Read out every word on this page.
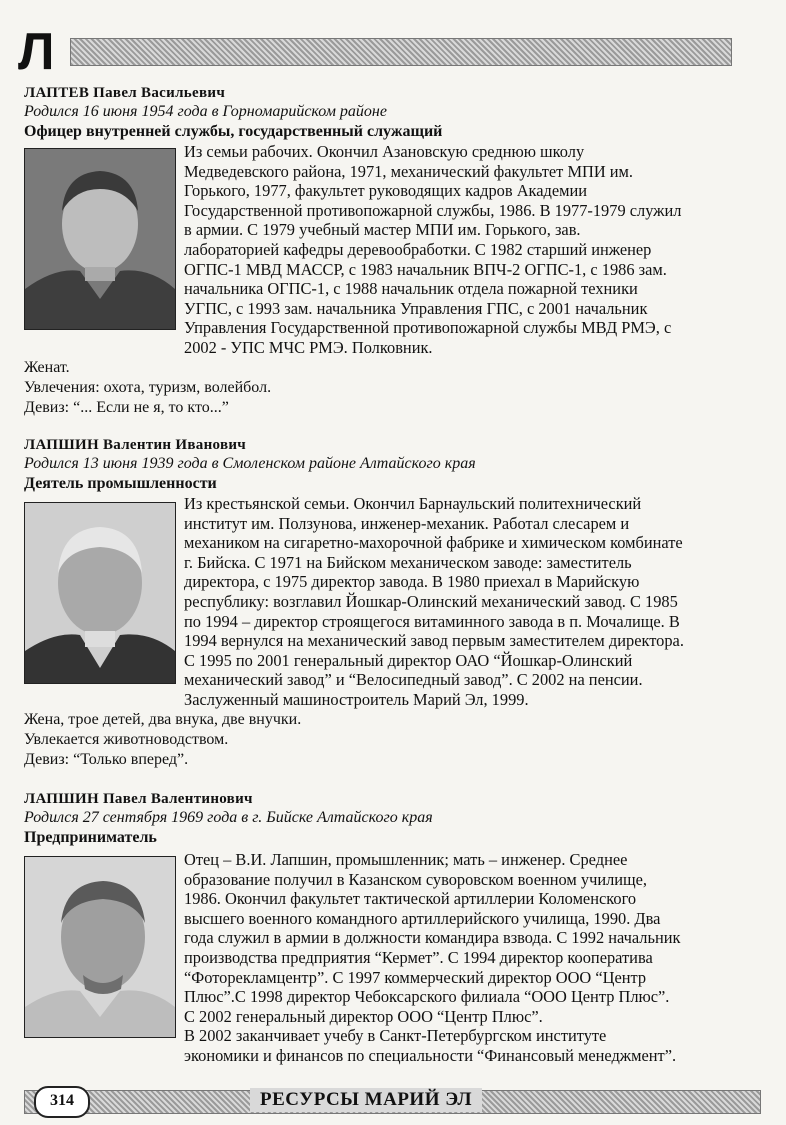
Л
ЛАПТЕВ Павел Васильевич
Родился 16 июня 1954 года в Горномарийском районе
Офицер внутренней службы, государственный служащий

Из семьи рабочих. Окончил Азановскую среднюю школу

Медведевского района, 1971, механический факультет МПИ им.

Горького, 1977, факультет руководящих кадров Академии

Государственной противопожарной службы, 1986. В 1977-1979 служил

в армии. С 1979 учебный мастер МПИ им. Горького, зав.

лабораторией кафедры деревообработки. С 1982 старший инженер

ОГПС-1 МВД МАССР, с 1983 начальник ВПЧ-2 ОГПС-1, с 1986 зам.

начальника ОГПС-1, с 1988 начальник отдела пожарной техники

УГПС, с 1993 зам. начальника Управления ГПС, с 2001 начальник

Управления Государственной противопожарной службы МВД РМЭ, с

2002 - УПС МЧС РМЭ. Полковник.

Женат.

Увлечения: охота, туризм, волейбол.

Девиз: “... Если не я, то кто...”

ЛАПШИН Валентин Иванович
Родился 13 июня 1939 года в Смоленском районе Алтайского края
Деятель промышленности

Из крестьянской семьи. Окончил Барнаульский политехнический

институт им. Ползунова, инженер-механик. Работал слесарем и

механиком на сигаретно-махорочной фабрике и химическом комбинате

г. Бийска. С 1971 на Бийском механическом заводе: заместитель

директора, с 1975 директор завода. В 1980 приехал в Марийскую

республику: возглавил Йошкар-Олинский механический завод. С 1985

по 1994 – директор строящегося витаминного завода в п. Мочалище. В

1994 вернулся на механический завод первым заместителем директора.

С 1995 по 2001 генеральный директор ОАО “Йошкар-Олинский

механический завод” и “Велосипедный завод”. С 2002 на пенсии.

Заслуженный машиностроитель Марий Эл, 1999.

Жена, трое детей, два внука, две внучки.

Увлекается животноводством.

Девиз: “Только вперед”.

ЛАПШИН Павел Валентинович
Родился 27 сентября 1969 года в г. Бийске Алтайского края
Предприниматель

Отец – В.И. Лапшин, промышленник; мать – инженер. Среднее

образование получил в Казанском суворовском военном училище,

1986. Окончил факультет тактической артиллерии Коломенского

высшего военного командного артиллерийского училища, 1990. Два

года служил в армии в должности командира взвода. С 1992 начальник

производства предприятия “Кермет”. С 1994 директор кооператива

“Фоторекламцентр”. С 1997 коммерческий директор ООО “Центр

Плюс”.С 1998 директор Чебоксарского филиала “ООО Центр Плюс”.

С 2002 генеральный директор ООО “Центр Плюс”.

В 2002 заканчивает учебу в Санкт-Петербургском институте

экономики и финансов по специальности “Финансовый менеджмент”.

314	РЕСУРСЫ МАРИЙ ЭЛ
